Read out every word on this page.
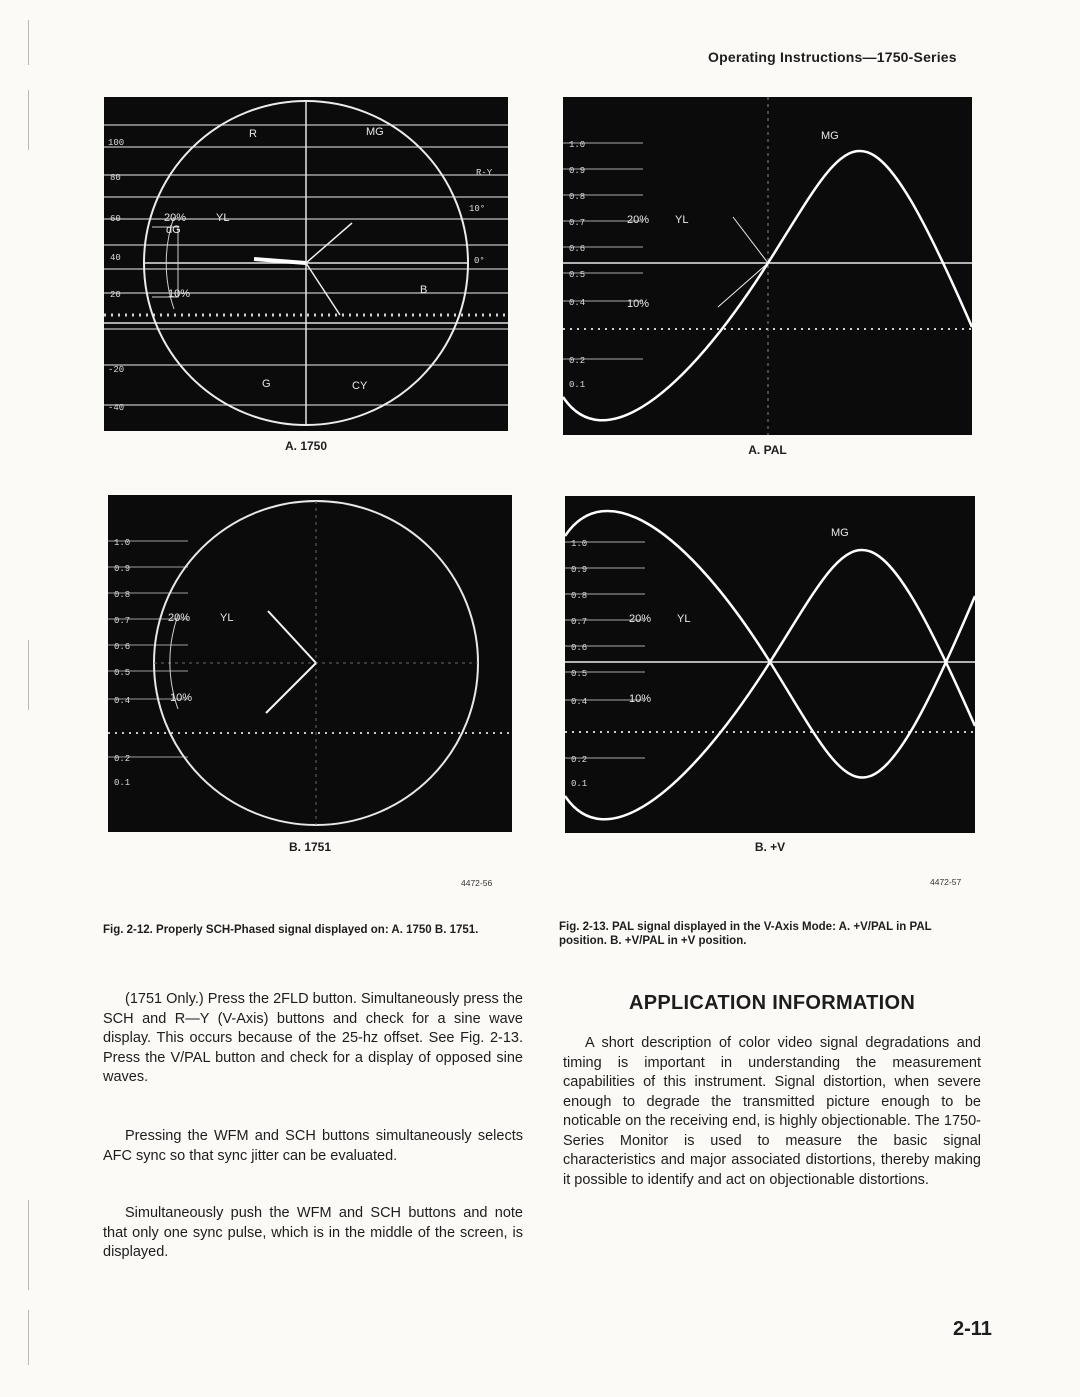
Operating Instructions—1750-Series
100
80
60
40
20
-20
-40
R	MG
YL
20%
dG
10%	B
G	CY
R-Y
10°
0°
A. 1750
1.0
0.9
0.8
0.7
0.6
0.5
0.4
0.2
0.1
20% YL
10%
MG
A. PAL
1.0
0.9
0.8
0.7
0.6
0.5
0.4
0.2
0.1
20%	YL
10%
B. 1751
1.0
0.9
0.8
0.7
0.6
0.5
0.4
0.2
0.1
20% YL
10%
MG
B. +V
4472-56	4472-57
Fig. 2-12. Properly SCH-Phased signal displayed on: A. 1750 B. 1751.	Fig. 2-13. PAL signal displayed in the V-Axis Mode: A. +V/PAL in PAL position. B. +V/PAL in +V position.
(1751 Only.) Press the 2FLD button. Simultaneously press the SCH and R—Y (V-Axis) buttons and check for a sine wave display. This occurs because of the 25-hz offset. See Fig. 2-13. Press the V/PAL button and check for a display of opposed sine waves.
Pressing the WFM and SCH buttons simultaneously selects AFC sync so that sync jitter can be evaluated.
Simultaneously push the WFM and SCH buttons and note that only one sync pulse, which is in the middle of the screen, is displayed.
APPLICATION INFORMATION
A short description of color video signal degradations and timing is important in understanding the measurement capabilities of this instrument. Signal distortion, when severe enough to degrade the transmitted picture enough to be noticable on the receiving end, is highly objectionable. The 1750-Series Monitor is used to measure the basic signal characteristics and major associated distortions, thereby making it possible to identify and act on objectionable distortions.
2-11
